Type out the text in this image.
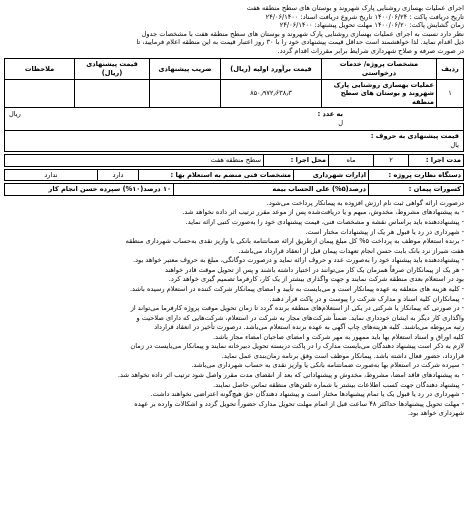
اجرای عملیات بهسازی روشنایی پارک شهروند و بوستان های سطح منطقه هفت

تاریخ دریافت پاکت : ۱۴۰۰/۰۶/۲۴ تاریخ شروع دریافت اسناد: ۲۴/۰۶/۱۴۰۰

زمان گشایش پاکت: ۱۴۰۰/۰۶/۲۰ مهلت تحویل پیشنهاد: ۲۴/۰۶/۱۴۰۰

نظر دارد نسبت به اجرای عملیات بهسازی روشنایی پارک شهروند و بوستان های سطح منطقه هفت با مشخصات جدول

ذیل اقدام نماید. لذا خواهشمند است حداقل قیمت پیشنهادی خود را با ۳۰ روز اعتبار قیمت به این منطقه اعلام فرمایید، تا

در صورت صرفه و صلاح شهرداری شرایط برابر مقررات اقدام گردد.

ردیف	مشخصات پروژه/ خدمات درخواستی	قیمت برآورد اولیه (ریال)	ضریب پیشنهادی	قیمت پیشنهادی (ریال)	ملاحظات
۱	عملیات بهسازی روشنایی پارک شهروند و بوستان های سطح منطقه	۸۵۰٫۹۷۲٫۶۳۸٫۳			

به عدد :
ل
ریال					

قیمت پیشنهادی به حروف :
یال					
مدت اجرا :	۲	ماه	محل اجرا :	سطح منطقه هفت
دستگاه نظارت پروژه :	ادارات شهرداری	مشخصات فنی منضم به استعلام بها :	دارد	ندارد
کسورات پیمان :	درصد(۵%) علی الحساب بیمه	۱۰ درصد(۱۰%) سپرده حسن انجام کار

درصورت ارائه گواهی ثبت نام ارزش افزوده به پیمانکار پرداخت می‌شود.

- به پیشنهادهای مشروط، مخدوش، مبهم و یا دریافت‌شده پس از موعد مقرر ترتیب اثر داده نخواهد شد.

- پیشنهاددهنده باید براساس نقشه و مشخصات فنی، قیمت پیشنهادی خود را به‌صورت کتبی ارائه نماید.

- شهرداری در رد یا قبول هر یک از پیشنهادات مختار است.

- برنده استعلام موظف به پرداخت ۵% کل مبلغ پیمان ازطریق ارائه ضمانتنامه بانکی یا واریز نقدی به‌حساب شهرداری منطقه

هفت شیراز نزد بانک بابت حسن انجام تعهدات پیمان قبل از انعقاد قرارداد می‌باشد.

- پیشنهاددهنده باید پیشنهاد خود را به‌صورت عدد و حروف ارائه نماید و درصورت دوگانگی، مبلغ به حروف معتبر خواهد بود.

- هر یک از پیمانکاران صرفاً همزمان یک کار می‌توانند در اختیار داشته باشند و پس از تحویل موقت قادر خواهند

بود در استعلام بعدی منطقه شرکت نمایند و جهت واگذاری بیشتر از یک کار، کارفرما تصمیم گیری خواهد کرد.

- کلیه هزینه های متعلقه به عهده پیمانکار است و می‌بایست به تأیید و امضای پیمانکار شرکت کننده در استعلام رسیده باشد.

- پیمانکاران کلیه اسناد و مدارک شرکت را پیوست و در پاکت قرار دهند.

- در صورتی که پیمانکار یا شرکتی در یکی از استعلام‌های منطقه برنده گردد تا زمان تحویل موقت پروژه کارفرما می‌تواند از

واگذاری کار دیگر به ایشان خودداری نماید. ضمناً شرکت‌های مجاز به شرکت در استعلام، شرکت‌هایی که دارای صلاحیت و

رتبه مربوطه می‌باشند. کلیه هزینه‌های چاپ آگهی به عهده برنده استعلام می‌باشد. درصورت تأخیر در انعقاد قرارداد

کلیه اوراق و اسناد استعلام بها باید ممهور به مهر شرکت و امضای صاحبان امضاء مجاز باشد.

لازم به ذکر است پیشنهاد دهندگان می‌بایست مدارک را در پاکت دربسته تحویل دبیرخانه نمایند و پیمانکار می‌بایست در زمان

قرارداد، حضور فعال داشته باشد. پیمانکار موظف است وفق برنامه زمان‌بندی عمل نماید.

- سپرده شرکت در استعلام بها به‌صورت ضمانتنامه بانکی یا واریز نقدی به حساب شهرداری می‌باشد.

- به پیشنهادهای فاقد امضا، مشروط، مخدوش و پیشنهاداتی که بعد از انقضای مدت مقرر واصل شود ترتیب اثر داده نخواهد شد.

- پیشنهاد دهندگان جهت کسب اطلاعات بیشتر با شماره تلفن‌های منطقه تماس حاصل نمایند.

- شهرداری در رد یا قبول یک یا تمام پیشنهادها مختار است و پیشنهاد دهندگان حق هیچ‌گونه اعتراضی نخواهند داشت.

- مهلت تحویل پیشنهادها حداکثر ۴۸ ساعت قبل از اتمام مهلت تحویل مدارک حضوراً تحویل گردد و اشکالات وارده بر عهده

شهرداری خواهد بود.
